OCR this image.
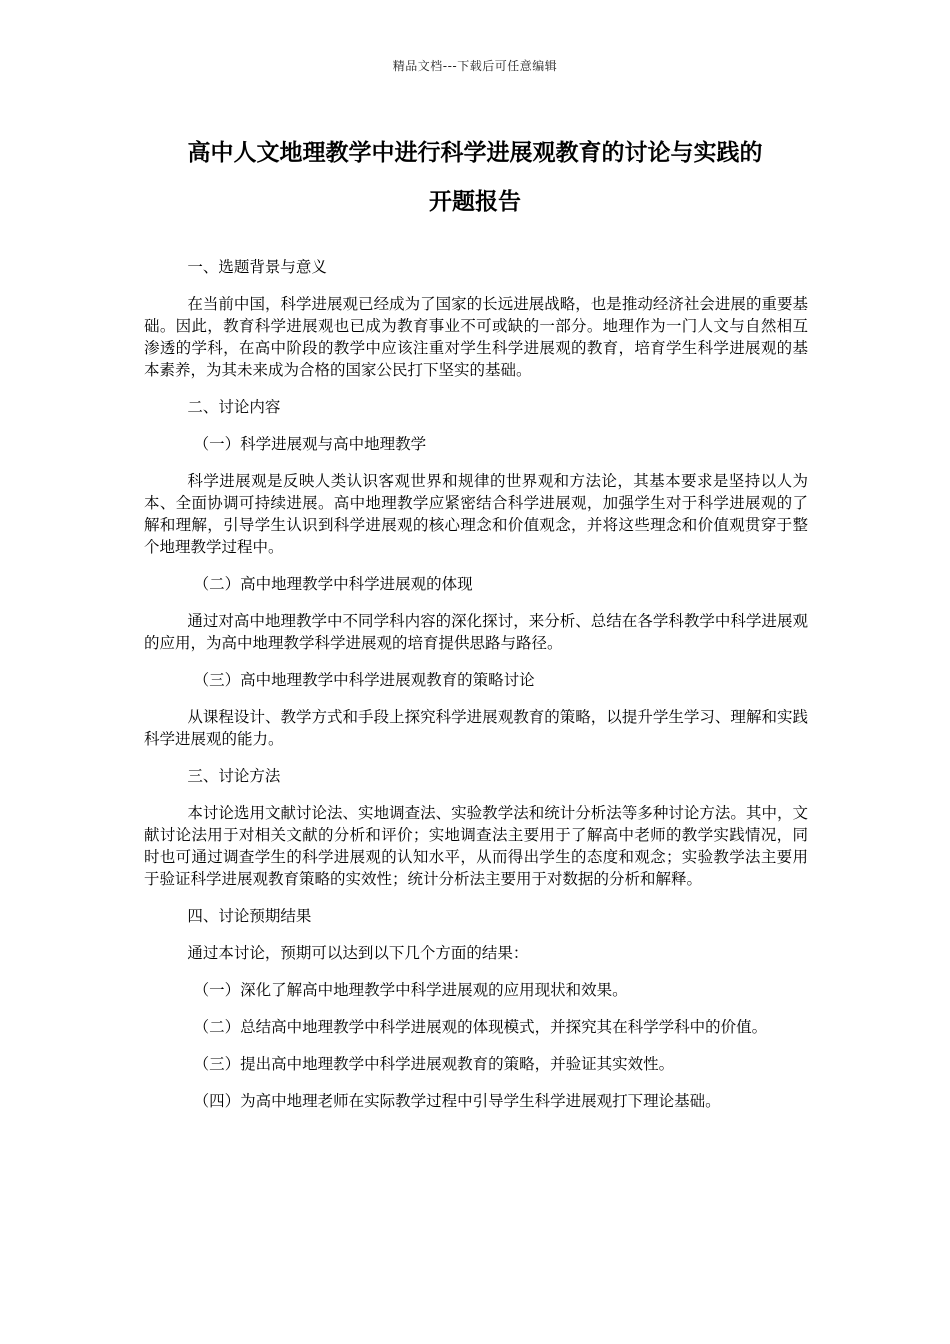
精品文档---下载后可任意编辑
高中人文地理教学中进行科学进展观教育的讨论与实践的
开题报告

一、选题背景与意义

在当前中国，科学进展观已经成为了国家的长远进展战略，也是推动经济社会进展的重要基础。因此，教育科学进展观也已成为教育事业不可或缺的一部分。地理作为一门人文与自然相互渗透的学科，在高中阶段的教学中应该注重对学生科学进展观的教育，培育学生科学进展观的基本素养，为其未来成为合格的国家公民打下坚实的基础。

二、讨论内容

（一）科学进展观与高中地理教学

科学进展观是反映人类认识客观世界和规律的世界观和方法论，其基本要求是坚持以人为本、全面协调可持续进展。高中地理教学应紧密结合科学进展观，加强学生对于科学进展观的了解和理解，引导学生认识到科学进展观的核心理念和价值观念，并将这些理念和价值观贯穿于整个地理教学过程中。

（二）高中地理教学中科学进展观的体现

通过对高中地理教学中不同学科内容的深化探讨，来分析、总结在各学科教学中科学进展观的应用，为高中地理教学科学进展观的培育提供思路与路径。

（三）高中地理教学中科学进展观教育的策略讨论

从课程设计、教学方式和手段上探究科学进展观教育的策略，以提升学生学习、理解和实践科学进展观的能力。

三、讨论方法

本讨论选用文献讨论法、实地调查法、实验教学法和统计分析法等多种讨论方法。其中，文献讨论法用于对相关文献的分析和评价；实地调查法主要用于了解高中老师的教学实践情况，同时也可通过调查学生的科学进展观的认知水平，从而得出学生的态度和观念；实验教学法主要用于验证科学进展观教育策略的实效性；统计分析法主要用于对数据的分析和解释。

四、讨论预期结果

通过本讨论，预期可以达到以下几个方面的结果：

（一）深化了解高中地理教学中科学进展观的应用现状和效果。

（二）总结高中地理教学中科学进展观的体现模式，并探究其在科学学科中的价值。

（三）提出高中地理教学中科学进展观教育的策略，并验证其实效性。

（四）为高中地理老师在实际教学过程中引导学生科学进展观打下理论基础。
